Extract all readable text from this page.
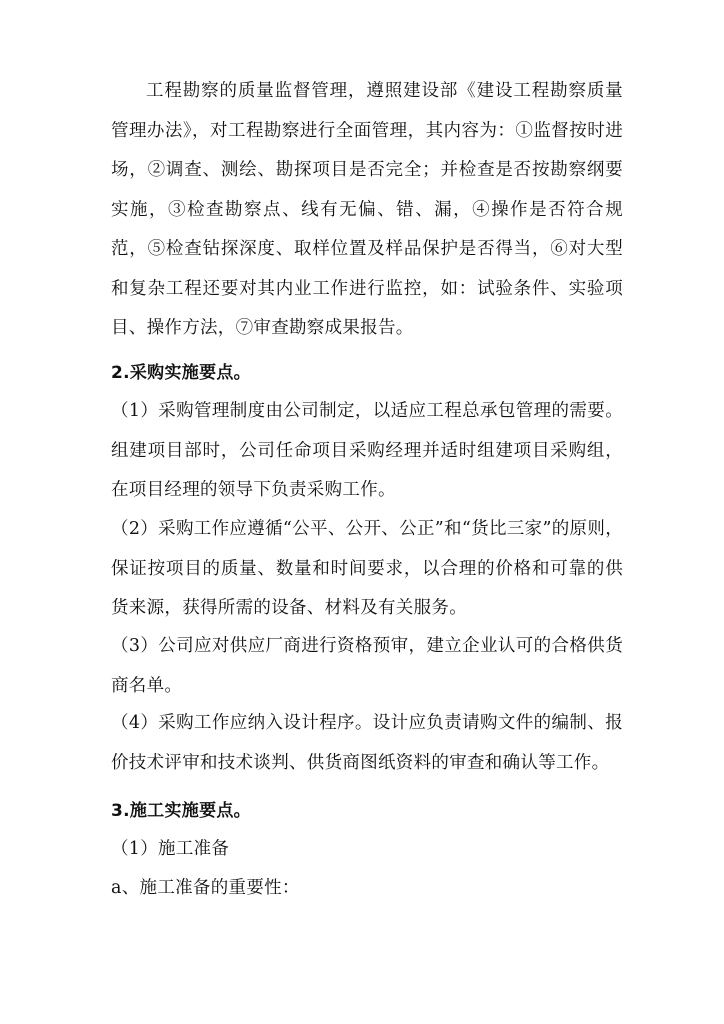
工程勘察的质量监督管理，遵照建设部《建设工程勘察质量管理办法》，对工程勘察进行全面管理，其内容为：①监督按时进场，②调查、测绘、勘探项目是否完全；并检查是否按勘察纲要实施，③检查勘察点、线有无偏、错、漏，④操作是否符合规范，⑤检查钻探深度、取样位置及样品保护是否得当，⑥对大型和复杂工程还要对其内业工作进行监控，如：试验条件、实验项目、操作方法，⑦审查勘察成果报告。

2.采购实施要点。

（1）采购管理制度由公司制定，以适应工程总承包管理的需要。组建项目部时，公司任命项目采购经理并适时组建项目采购组，在项目经理的领导下负责采购工作。

（2）采购工作应遵循“公平、公开、公正”和“货比三家”的原则，保证按项目的质量、数量和时间要求，以合理的价格和可靠的供货来源，获得所需的设备、材料及有关服务。

（3）公司应对供应厂商进行资格预审，建立企业认可的合格供货商名单。

（4）采购工作应纳入设计程序。设计应负责请购文件的编制、报价技术评审和技术谈判、供货商图纸资料的审查和确认等工作。

3.施工实施要点。

（1）施工准备

a、施工准备的重要性：
